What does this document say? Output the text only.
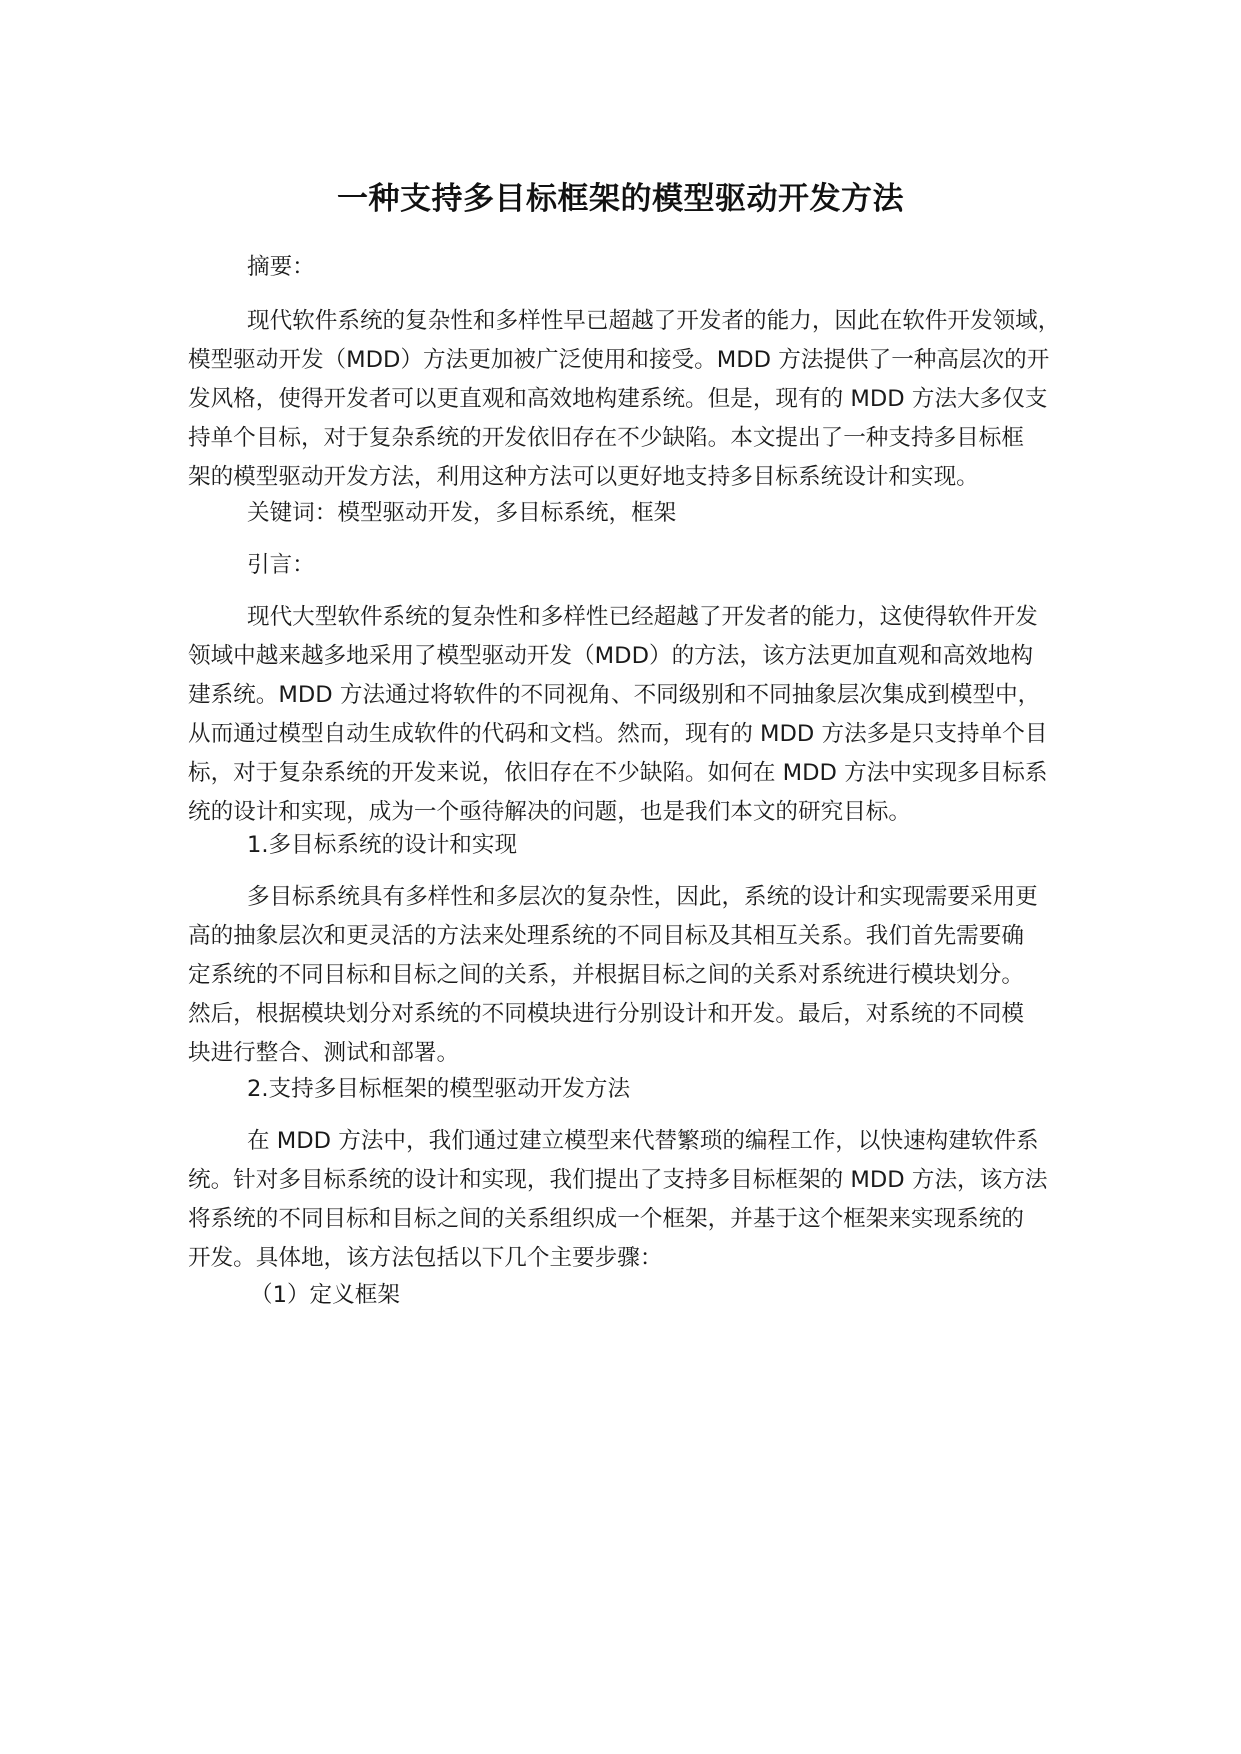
一种支持多目标框架的模型驱动开发方法
摘要：
现代软件系统的复杂性和多样性早已超越了开发者的能力，因此在软件开发领域，
模型驱动开发（MDD）方法更加被广泛使用和接受。MDD 方法提供了一种高层次的开
发风格，使得开发者可以更直观和高效地构建系统。但是，现有的 MDD 方法大多仅支
持单个目标，对于复杂系统的开发依旧存在不少缺陷。本文提出了一种支持多目标框
架的模型驱动开发方法，利用这种方法可以更好地支持多目标系统设计和实现。
关键词：模型驱动开发，多目标系统，框架
引言：
现代大型软件系统的复杂性和多样性已经超越了开发者的能力，这使得软件开发
领域中越来越多地采用了模型驱动开发（MDD）的方法，该方法更加直观和高效地构
建系统。MDD 方法通过将软件的不同视角、不同级别和不同抽象层次集成到模型中，
从而通过模型自动生成软件的代码和文档。然而，现有的 MDD 方法多是只支持单个目
标，对于复杂系统的开发来说，依旧存在不少缺陷。如何在 MDD 方法中实现多目标系
统的设计和实现，成为一个亟待解决的问题，也是我们本文的研究目标。
1.多目标系统的设计和实现
多目标系统具有多样性和多层次的复杂性，因此，系统的设计和实现需要采用更
高的抽象层次和更灵活的方法来处理系统的不同目标及其相互关系。我们首先需要确
定系统的不同目标和目标之间的关系，并根据目标之间的关系对系统进行模块划分。
然后，根据模块划分对系统的不同模块进行分别设计和开发。最后，对系统的不同模
块进行整合、测试和部署。
2.支持多目标框架的模型驱动开发方法
在 MDD 方法中，我们通过建立模型来代替繁琐的编程工作，以快速构建软件系
统。针对多目标系统的设计和实现，我们提出了支持多目标框架的 MDD 方法，该方法
将系统的不同目标和目标之间的关系组织成一个框架，并基于这个框架来实现系统的
开发。具体地，该方法包括以下几个主要步骤：
（1）定义框架
